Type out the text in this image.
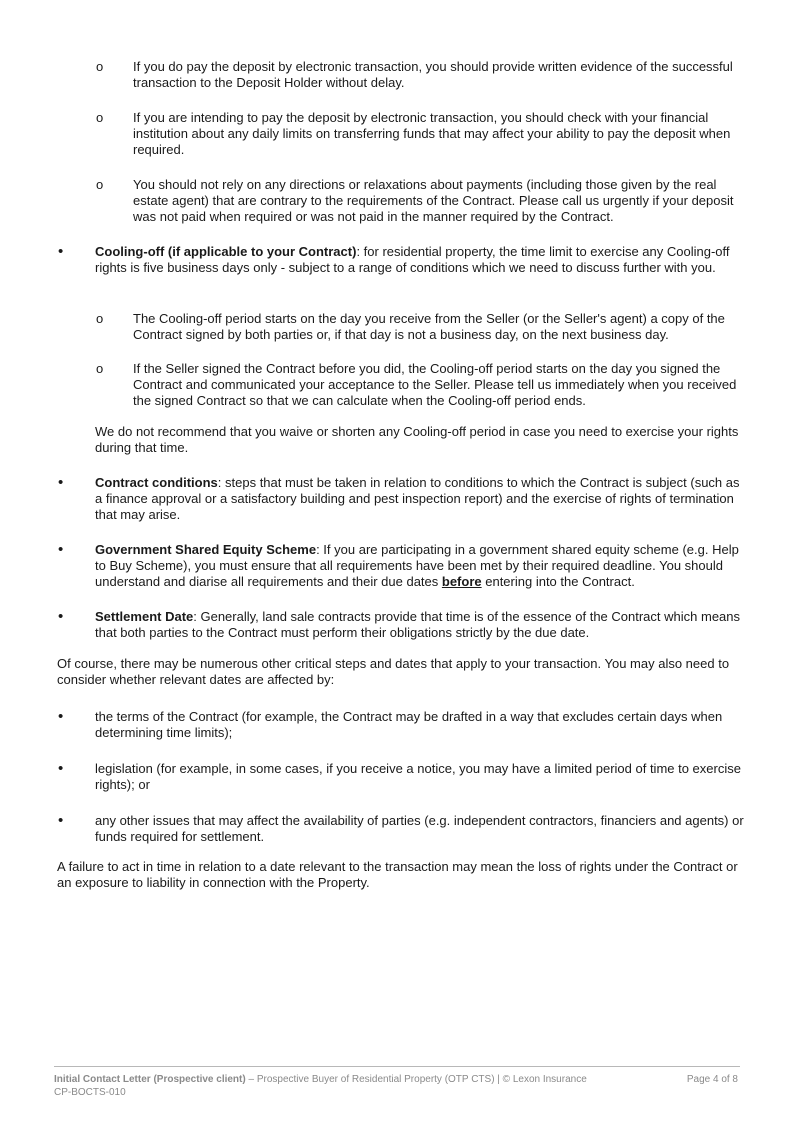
o If you do pay the deposit by electronic transaction, you should provide written evidence of the successful transaction to the Deposit Holder without delay.

o If you are intending to pay the deposit by electronic transaction, you should check with your financial institution about any daily limits on transferring funds that may affect your ability to pay the deposit when required.

o You should not rely on any directions or relaxations about payments (including those given by the real estate agent) that are contrary to the requirements of the Contract. Please call us urgently if your deposit was not paid when required or was not paid in the manner required by the Contract.

• Cooling-off (if applicable to your Contract): for residential property, the time limit to exercise any Cooling-off rights is five business days only - subject to a range of conditions which we need to discuss further with you.

o The Cooling-off period starts on the day you receive from the Seller (or the Seller's agent) a copy of the Contract signed by both parties or, if that day is not a business day, on the next business day.

o If the Seller signed the Contract before you did, the Cooling-off period starts on the day you signed the Contract and communicated your acceptance to the Seller. Please tell us immediately when you received the signed Contract so that we can calculate when the Cooling-off period ends.

We do not recommend that you waive or shorten any Cooling-off period in case you need to exercise your rights during that time.

• Contract conditions: steps that must be taken in relation to conditions to which the Contract is subject (such as a finance approval or a satisfactory building and pest inspection report) and the exercise of rights of termination that may arise.

• Government Shared Equity Scheme: If you are participating in a government shared equity scheme (e.g. Help to Buy Scheme), you must ensure that all requirements have been met by their required deadline. You should understand and diarise all requirements and their due dates before entering into the Contract.

• Settlement Date: Generally, land sale contracts provide that time is of the essence of the Contract which means that both parties to the Contract must perform their obligations strictly by the due date.

Of course, there may be numerous other critical steps and dates that apply to your transaction. You may also need to consider whether relevant dates are affected by:

• the terms of the Contract (for example, the Contract may be drafted in a way that excludes certain days when determining time limits);

• legislation (for example, in some cases, if you receive a notice, you may have a limited period of time to exercise rights); or

• any other issues that may affect the availability of parties (e.g. independent contractors, financiers and agents) or funds required for settlement.

A failure to act in time in relation to a date relevant to the transaction may mean the loss of rights under the Contract or an exposure to liability in connection with the Property.

Initial Contact Letter (Prospective client) – Prospective Buyer of Residential Property (OTP CTS) | © Lexon Insurance
CP-BOCTS-010
Page 4 of 8
